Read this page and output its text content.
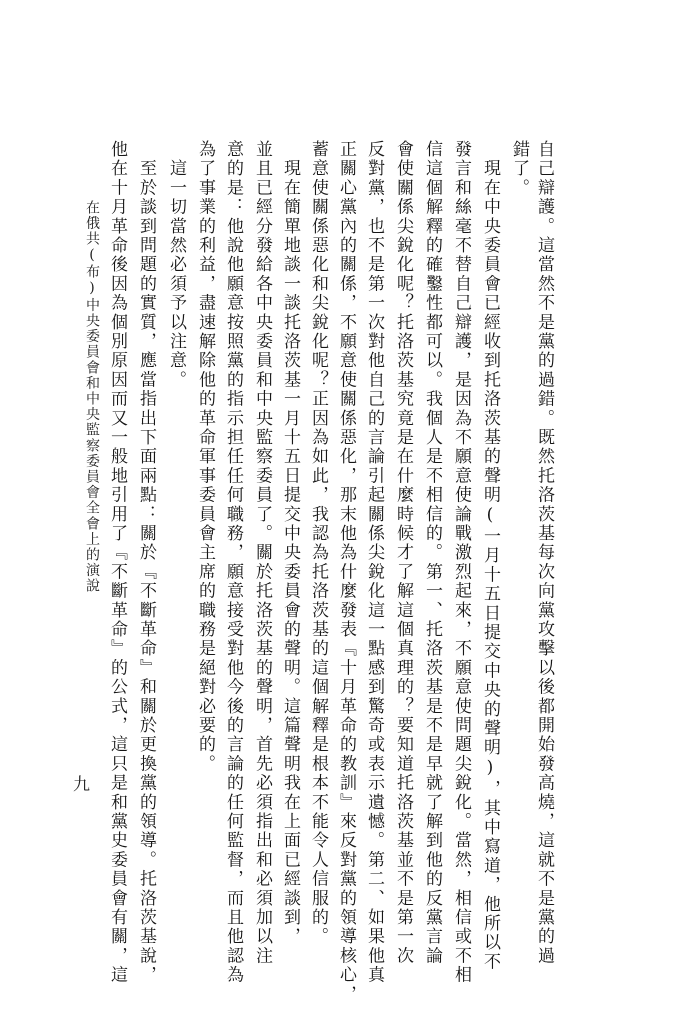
自己辯護。這當然不是黨的過錯。既然托洛茨基每次向黨攻擊以後都開始發高燒，這就不是黨的過
錯了。
　現在中央委員會已經收到托洛茨基的聲明(一月十五日提交中央的聲明)，其中寫道，他所以不
發言和絲毫不替自己辯護，是因為不願意使論戰激烈起來，不願意使問題尖銳化。當然，相信或不相
信這個解釋的確鑿性都可以。我個人是不相信的。第一、托洛茨基是不是早就了解到他的反黨言論
會使關係尖銳化呢？托洛茨基究竟是在什麼時候才了解這個真理的？要知道托洛茨基並不是第一次
反對黨，也不是第一次對他自己的言論引起關係尖銳化這一點感到驚奇或表示遺憾。第二、如果他真
正關心黨內的關係，不願意使關係惡化，那末他為什麼發表『十月革命的教訓』來反對黨的領導核心，
蓄意使關係惡化和尖銳化呢？正因為如此，我認為托洛茨基的這個解釋是根本不能令人信服的。
　現在簡單地談一談托洛茨基一月十五日提交中央委員會的聲明。這篇聲明我在上面已經談到，
並且已經分發給各中央委員和中央監察委員了。關於托洛茨基的聲明，首先必須指出和必須加以注
意的是：他說他願意按照黨的指示担任任何職務，願意接受對他今後的言論的任何監督，而且他認為
為了事業的利益，盡速解除他的革命軍事委員會主席的職務是絕對必要的。
　這一切當然必須予以注意。
　至於談到問題的實質，應當指出下面兩點：關於『不斷革命』和關於更換黨的領導。托洛茨基說，
他在十月革命後因為個別原因而又一般地引用了『不斷革命』的公式，這只是和黨史委員會有關，這
在俄共(布)中央委員會和中央監察委員會全會上的演說
九
